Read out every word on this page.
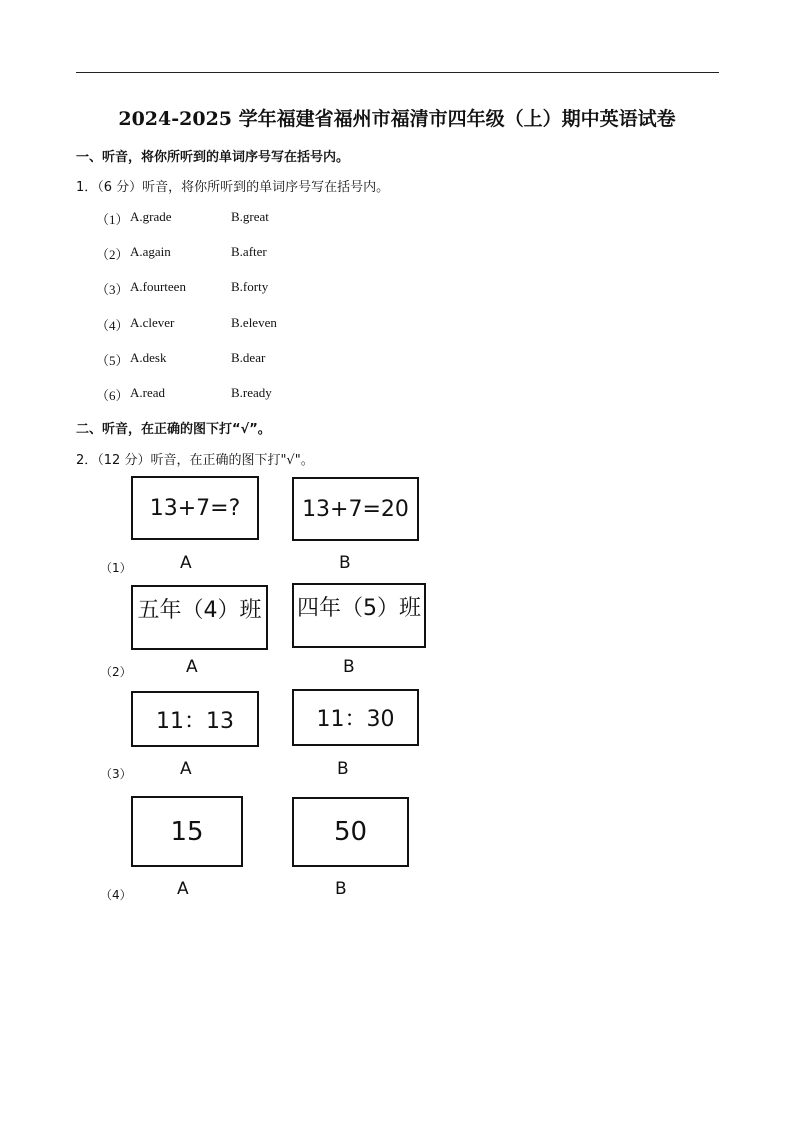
2024-2025 学年福建省福州市福清市四年级（上）期中英语试卷
一、听音，将你所听到的单词序号写在括号内。
1．（6 分）听音，将你所听到的单词序号写在括号内。
（1） A.grade	B.great
（2） A.again	B.after
（3） A.fourteen	B.forty
（4） A.clever	B.eleven
（5） A.desk	B.dear
（6） A.read	B.ready
二、听音，在正确的图下打“√”。
2．（12 分）听音，在正确的图下打"√"。
13+7=?	13+7=20
（1）	A	B
五年（4）班 四年（5）班
（2）	A	B
11：13	11：30
（3）	A	B
15	50
（4）	A	B
